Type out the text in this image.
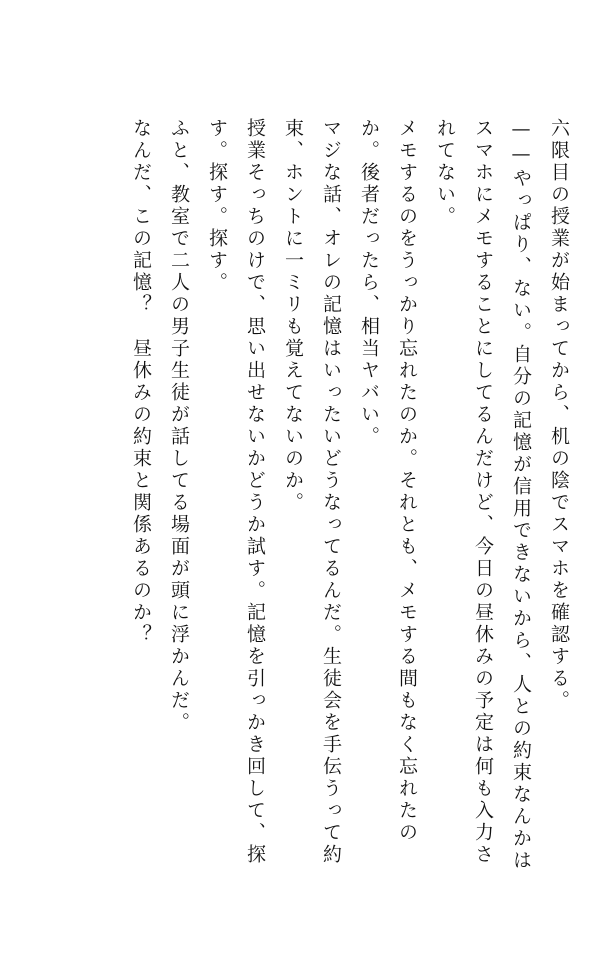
六限目の授業が始まってから、机の陰でスマホを確認する。

——やっぱり、ない。自分の記憶が信用できないから、人との約束なんかはスマホにメモすることにしてるんだけど、今日の昼休みの予定は何も入力されてない。

メモするのをうっかり忘れたのか。それとも、メモする間もなく忘れたのか。後者だったら、相当ヤバい。

マジな話、オレの記憶はいったいどうなってるんだ。生徒会を手伝うって約束、ホントに一ミリも覚えてないのか。

授業そっちのけで、思い出せないかどうか試す。記憶を引っかき回して、探す。探す。探す。

ふと、教室で二人の男子生徒が話してる場面が頭に浮かんだ。

なんだ、この記憶？　昼休みの約束と関係あるのか？
